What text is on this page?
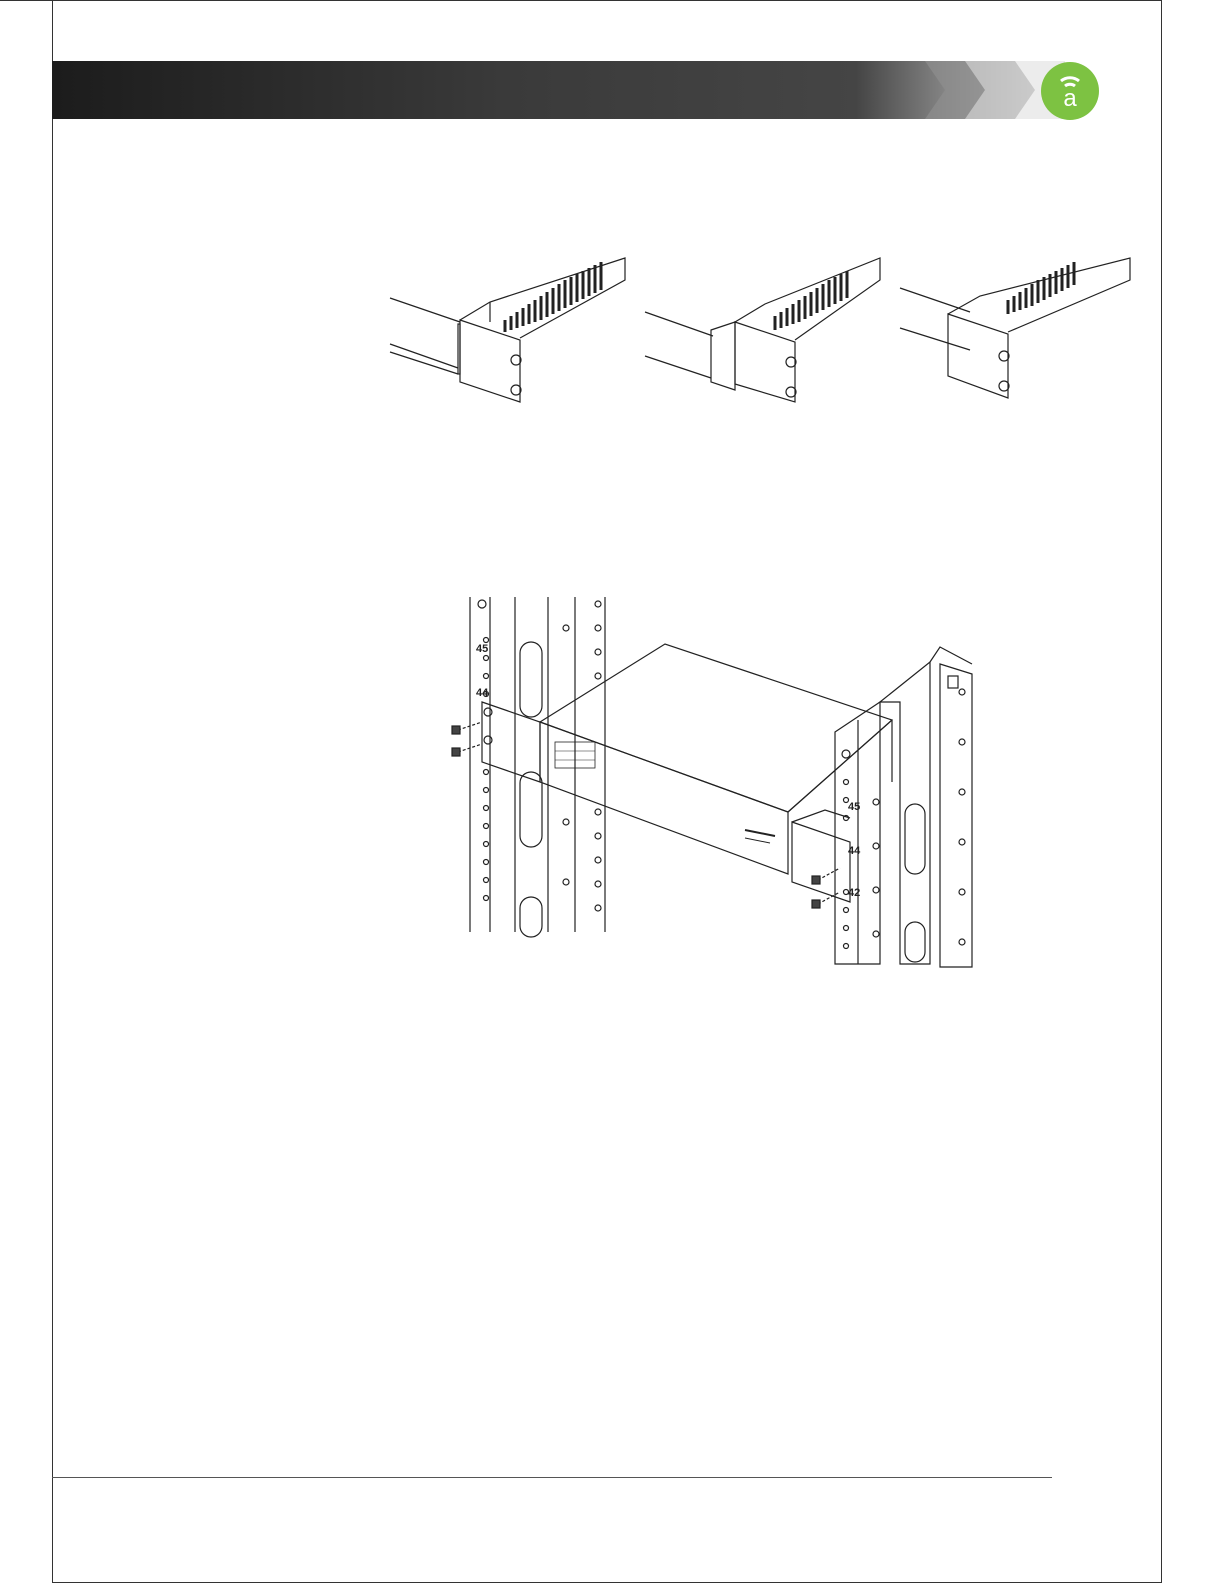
a
45
44
45
44
42
